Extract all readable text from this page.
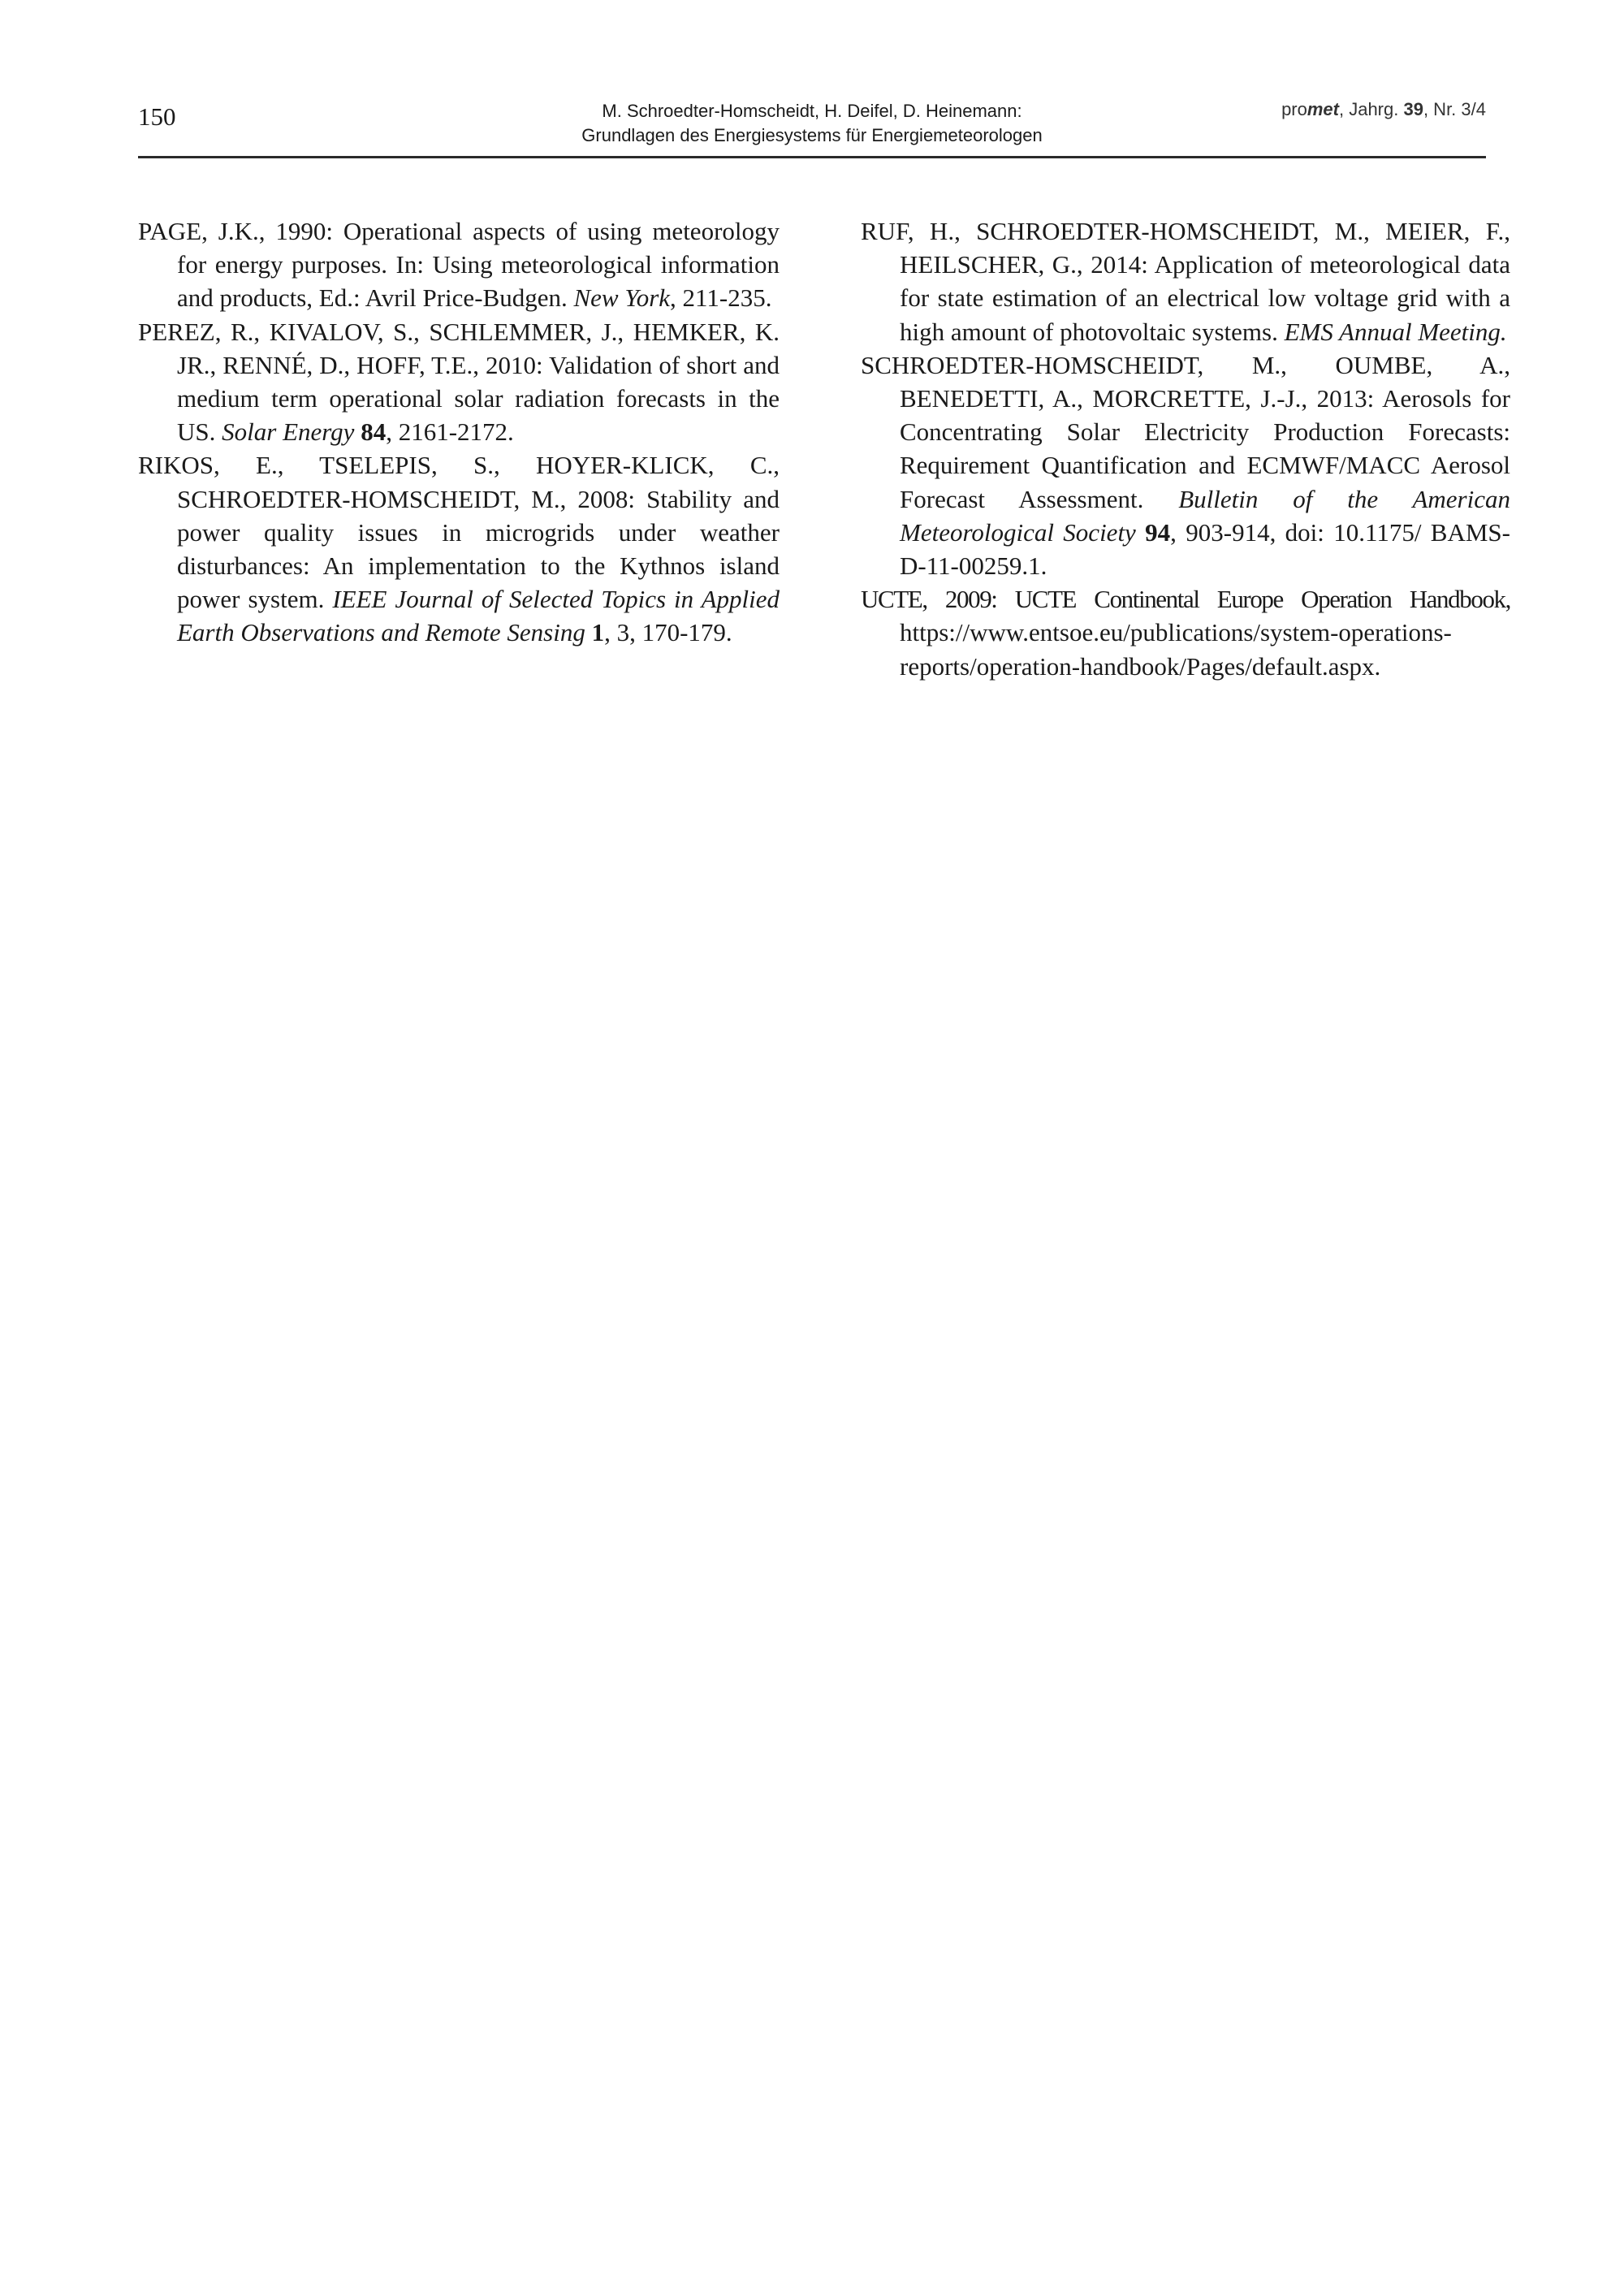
150	M. Schroedter-Homscheidt, H. Deifel, D. Heinemann:
Grundlagen des Energiesystems für Energiemeteorologen
promet, Jahrg. 39, Nr. 3/4

PAGE, J.K., 1990: Operational aspects of using meteorology for energy purposes. In: Using meteorological information and products, Ed.: Avril Price-Budgen. New York, 211-235.

PEREZ, R., KIVALOV, S., SCHLEMMER, J., HEMKER, K. JR., RENNÉ, D., HOFF, T.E., 2010: Validation of short and medium term operational solar radiation forecasts in the US. Solar Energy 84, 2161-2172.

RIKOS, E., TSELEPIS, S., HOYER-KLICK, C., SCHROEDTER-HOMSCHEIDT, M., 2008: Stability and power quality issues in microgrids under weather disturbances: An implementation to the Kythnos island power system. IEEE Journal of Selected Topics in Applied Earth Observations and Remote Sensing 1, 3, 170-179.

RUF, H., SCHROEDTER-HOMSCHEIDT, M., MEIER, F., HEILSCHER, G., 2014: Application of meteorological data for state estimation of an electrical low voltage grid with a high amount of photovoltaic systems. EMS Annual Meeting.

SCHROEDTER-HOMSCHEIDT, M., OUMBE, A., BENEDETTI, A., MORCRETTE, J.-J., 2013: Aerosols for Concentrating Solar Electricity Production Forecasts: Requirement Quantification and ECMWF/MACC Aerosol Forecast Assessment. Bulletin of the American Meteorological Society 94, 903-914, doi: 10.1175/ BAMS-D-11-00259.1.

UCTE, 2009: UCTE Continental Europe Operation Handbook, https://www.entsoe.eu/publications/system-operations-reports/operation-handbook/Pages/default.aspx.
